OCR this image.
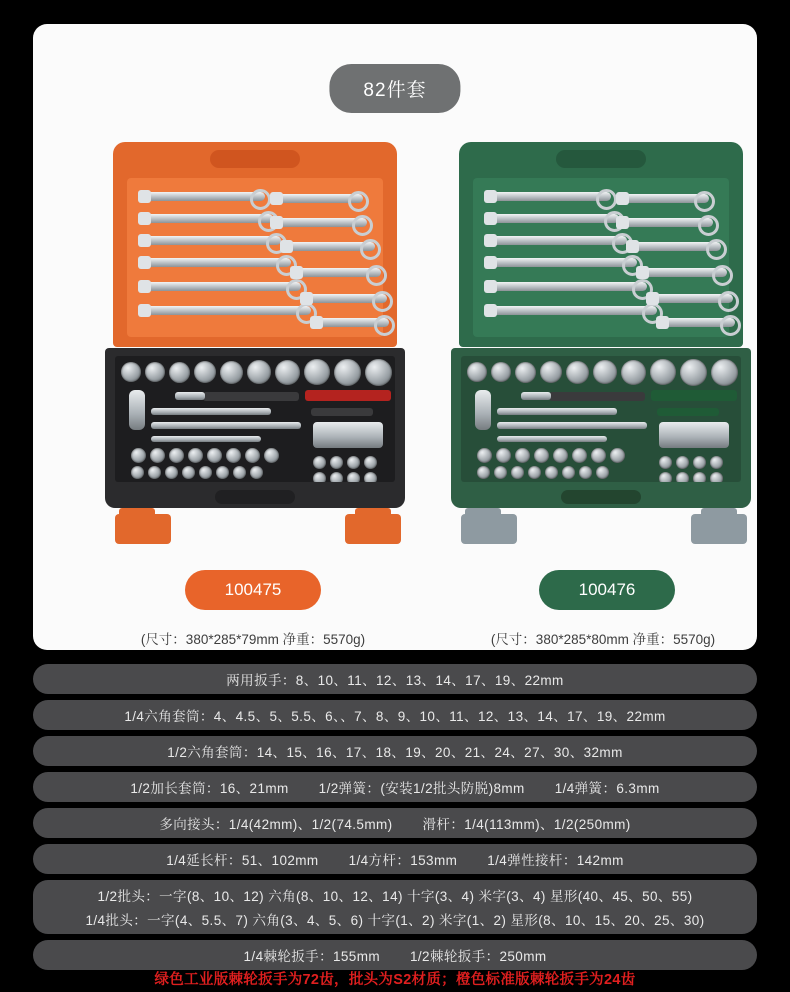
82件套
100475	100476
(尺寸：380*285*79mm 净重：5570g)	(尺寸：380*285*80mm 净重：5570g)
两用扳手：8、10、11、12、13、14、17、19、22mm
1/4六角套筒：4、4.5、5、5.5、6、、7、8、9、10、11、12、13、14、17、19、22mm
1/2六角套筒：14、15、16、17、18、19、20、21、24、27、30、32mm
1/2加长套筒：16、21mm 1/2弹簧：(安装1/2批头防脱)8mm 1/4弹簧：6.3mm
多向接头：1/4(42mm)、1/2(74.5mm) 滑杆：1/4(113mm)、1/2(250mm)
1/4延长杆：51、102mm 1/4方杆：153mm 1/4弹性接杆：142mm
1/2批头：一字(8、10、12) 六角(8、10、12、14) 十字(3、4) 米字(3、4) 星形(40、45、50、55)
1/4批头：一字(4、5.5、7) 六角(3、4、5、6) 十字(1、2) 米字(1、2) 星形(8、10、15、20、25、30)
1/4棘轮扳手：155mm 1/2棘轮扳手：250mm
绿色工业版棘轮扳手为72齿，批头为S2材质；橙色标准版棘轮扳手为24齿
